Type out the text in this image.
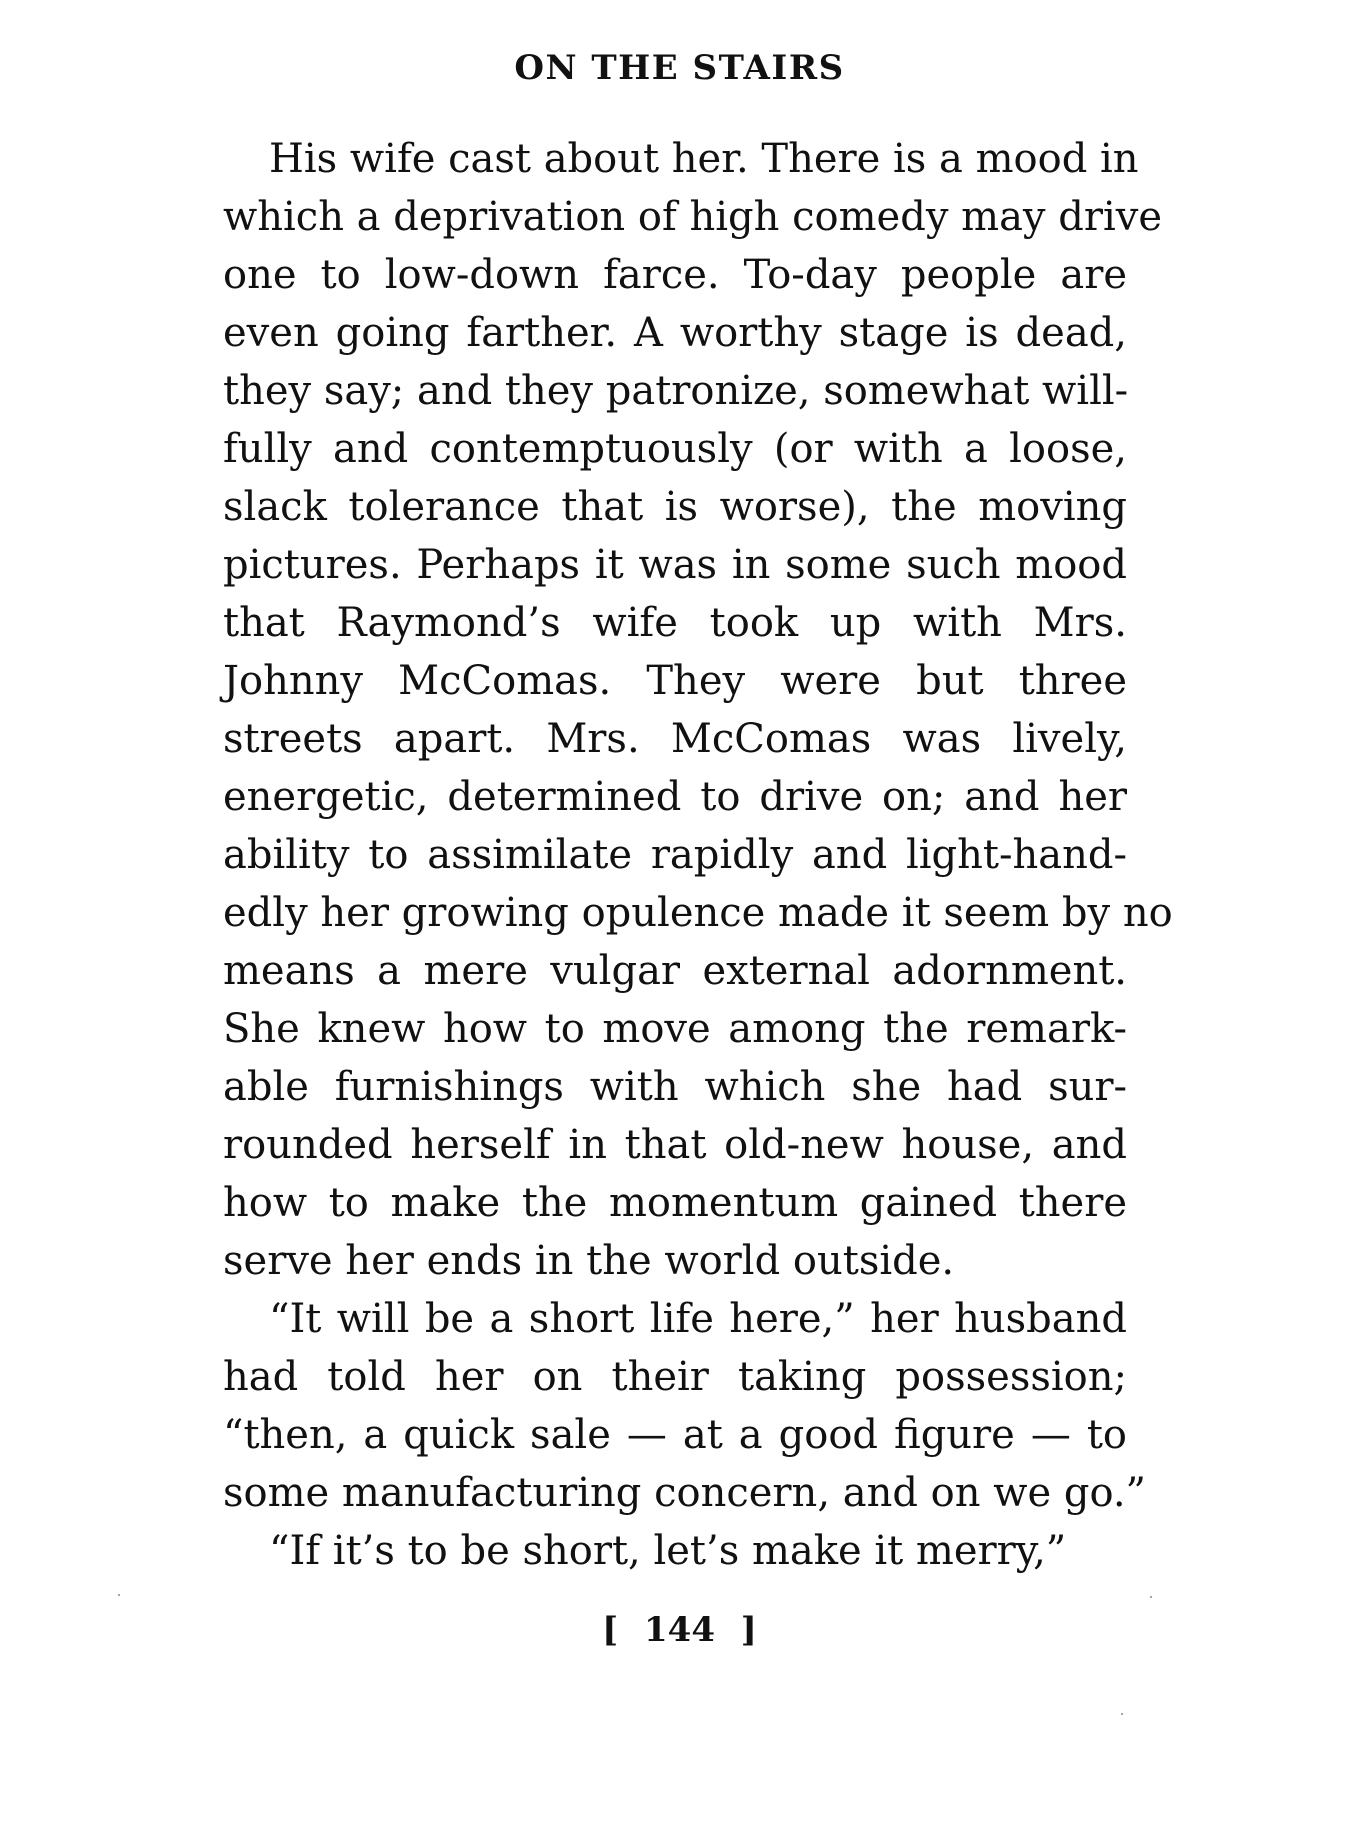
ON THE STAIRS
His wife cast about her. There is a mood in
which a deprivation of high comedy may drive
one to low-down farce. To-day people are
even going farther. A worthy stage is dead,
they say; and they patronize, somewhat will-
fully and contemptuously (or with a loose,
slack tolerance that is worse), the moving
pictures. Perhaps it was in some such mood
that Raymond’s wife took up with Mrs.
Johnny McComas. They were but three
streets apart. Mrs. McComas was lively,
energetic, determined to drive on; and her
ability to assimilate rapidly and light-hand-
edly her growing opulence made it seem by no
means a mere vulgar external adornment.
She knew how to move among the remark-
able furnishings with which she had sur-
rounded herself in that old-new house, and
how to make the momentum gained there
serve her ends in the world outside.
“It will be a short life here,” her husband
had told her on their taking possession;
“then, a quick sale — at a good figure — to
some manufacturing concern, and on we go.”
“If it’s to be short, let’s make it merry,”
[ 144 ]
